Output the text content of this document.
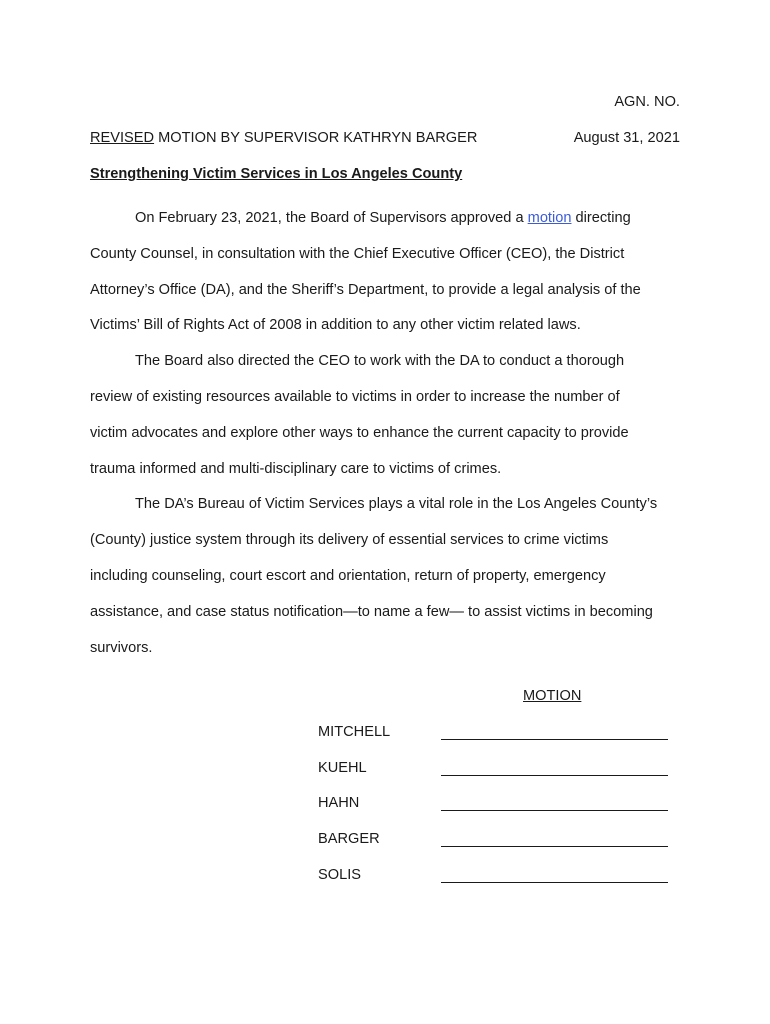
AGN. NO.
REVISED MOTION BY SUPERVISOR KATHRYN BARGER	August 31, 2021
Strengthening Victim Services in Los Angeles County
On February 23, 2021, the Board of Supervisors approved a motion directing
County Counsel, in consultation with the Chief Executive Officer (CEO), the District
Attorney’s Office (DA), and the Sheriff’s Department, to provide a legal analysis of the
Victims’ Bill of Rights Act of 2008 in addition to any other victim related laws.
The Board also directed the CEO to work with the DA to conduct a thorough
review of existing resources available to victims in order to increase the number of
victim advocates and explore other ways to enhance the current capacity to provide
trauma informed and multi-disciplinary care to victims of crimes.
The DA’s Bureau of Victim Services plays a vital role in the Los Angeles County’s
(County) justice system through its delivery of essential services to crime victims
including counseling, court escort and orientation, return of property, emergency
assistance, and case status notification—to name a few— to assist victims in becoming
survivors.
MOTION
MITCHELL
KUEHL
HAHN
BARGER
SOLIS
